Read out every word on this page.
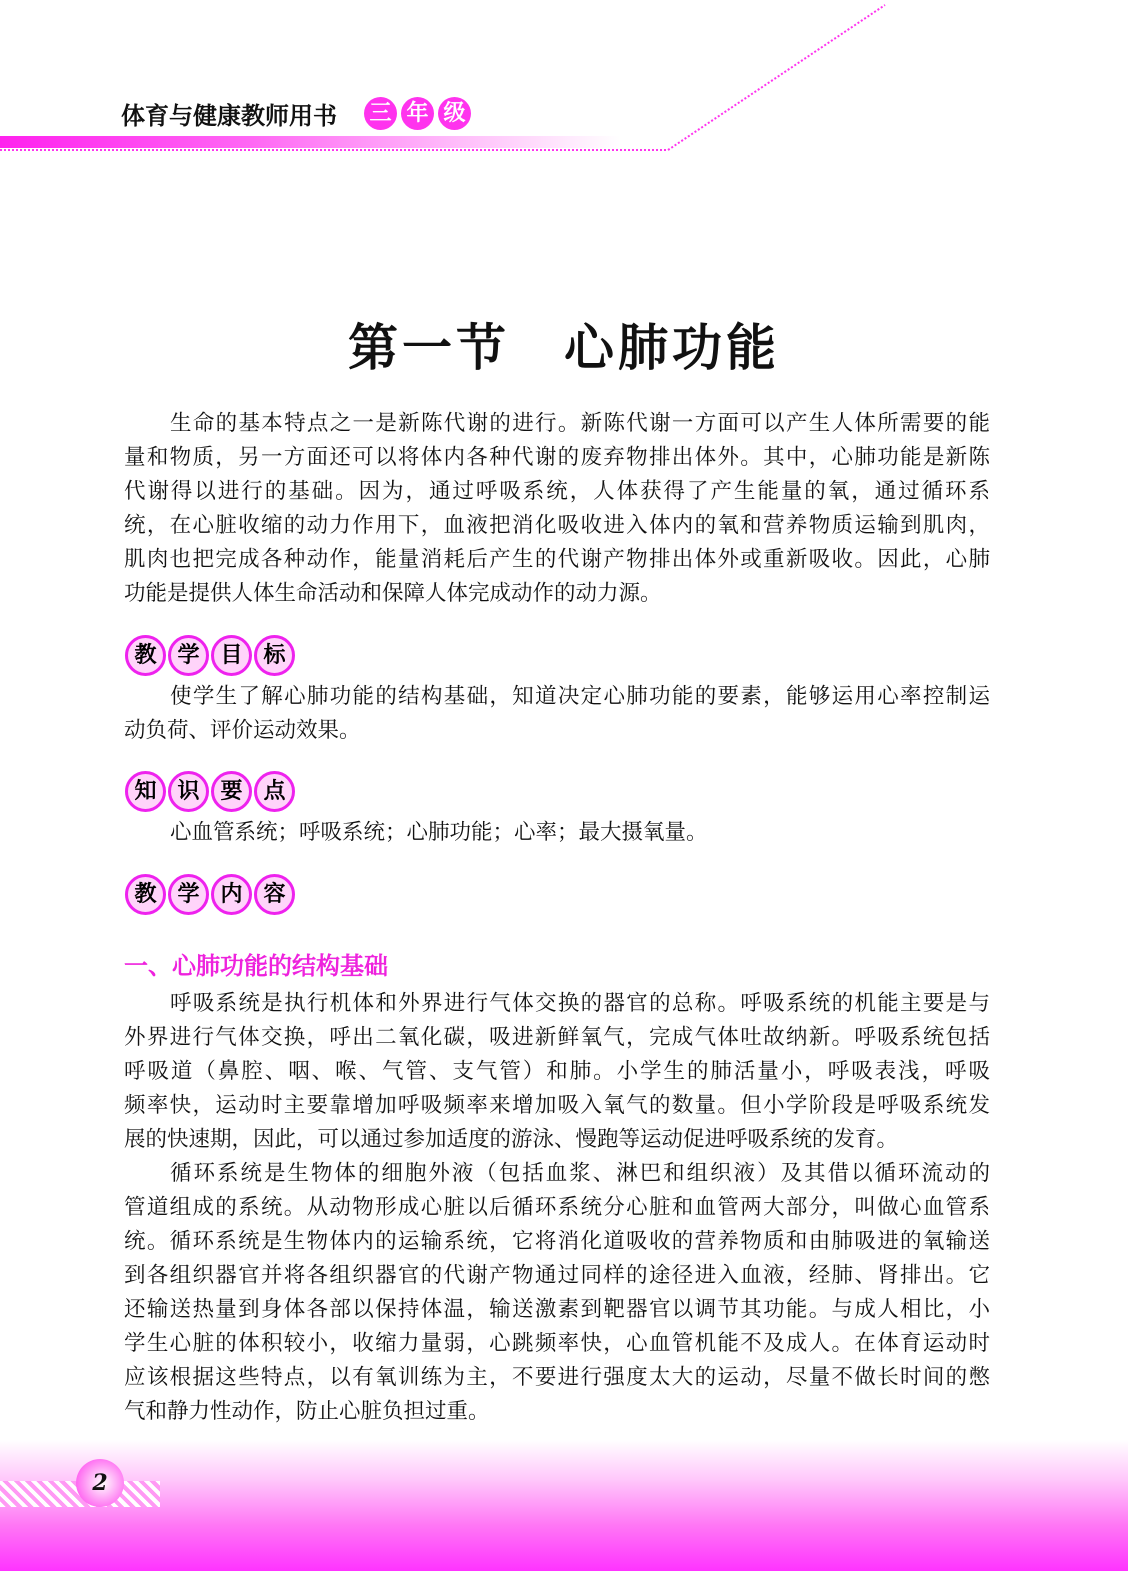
体育与健康教师用书 三 年 级
第一节　心肺功能
生命的基本特点之一是新陈代谢的进行。新陈代谢一方面可以产生人体所需要的能
量和物质，另一方面还可以将体内各种代谢的废弃物排出体外。其中，心肺功能是新陈
代谢得以进行的基础。因为，通过呼吸系统，人体获得了产生能量的氧，通过循环系
统，在心脏收缩的动力作用下，血液把消化吸收进入体内的氧和营养物质运输到肌肉，
肌肉也把完成各种动作，能量消耗后产生的代谢产物排出体外或重新吸收。因此，心肺
功能是提供人体生命活动和保障人体完成动作的动力源。
教 学 目 标
使学生了解心肺功能的结构基础，知道决定心肺功能的要素，能够运用心率控制运
动负荷、评价运动效果。
知 识 要 点
心血管系统；呼吸系统；心肺功能；心率；最大摄氧量。
教 学 内 容
一、心肺功能的结构基础
呼吸系统是执行机体和外界进行气体交换的器官的总称。呼吸系统的机能主要是与
外界进行气体交换，呼出二氧化碳，吸进新鲜氧气，完成气体吐故纳新。呼吸系统包括
呼吸道（鼻腔、咽、喉、气管、支气管）和肺。小学生的肺活量小，呼吸表浅，呼吸
频率快，运动时主要靠增加呼吸频率来增加吸入氧气的数量。但小学阶段是呼吸系统发
展的快速期，因此，可以通过参加适度的游泳、慢跑等运动促进呼吸系统的发育。
循环系统是生物体的细胞外液（包括血浆、淋巴和组织液）及其借以循环流动的
管道组成的系统。从动物形成心脏以后循环系统分心脏和血管两大部分，叫做心血管系
统。循环系统是生物体内的运输系统，它将消化道吸收的营养物质和由肺吸进的氧输送
到各组织器官并将各组织器官的代谢产物通过同样的途径进入血液，经肺、肾排出。它
还输送热量到身体各部以保持体温，输送激素到靶器官以调节其功能。与成人相比，小
学生心脏的体积较小，收缩力量弱，心跳频率快，心血管机能不及成人。在体育运动时
应该根据这些特点，以有氧训练为主，不要进行强度太大的运动，尽量不做长时间的憋
气和静力性动作，防止心脏负担过重。
2
